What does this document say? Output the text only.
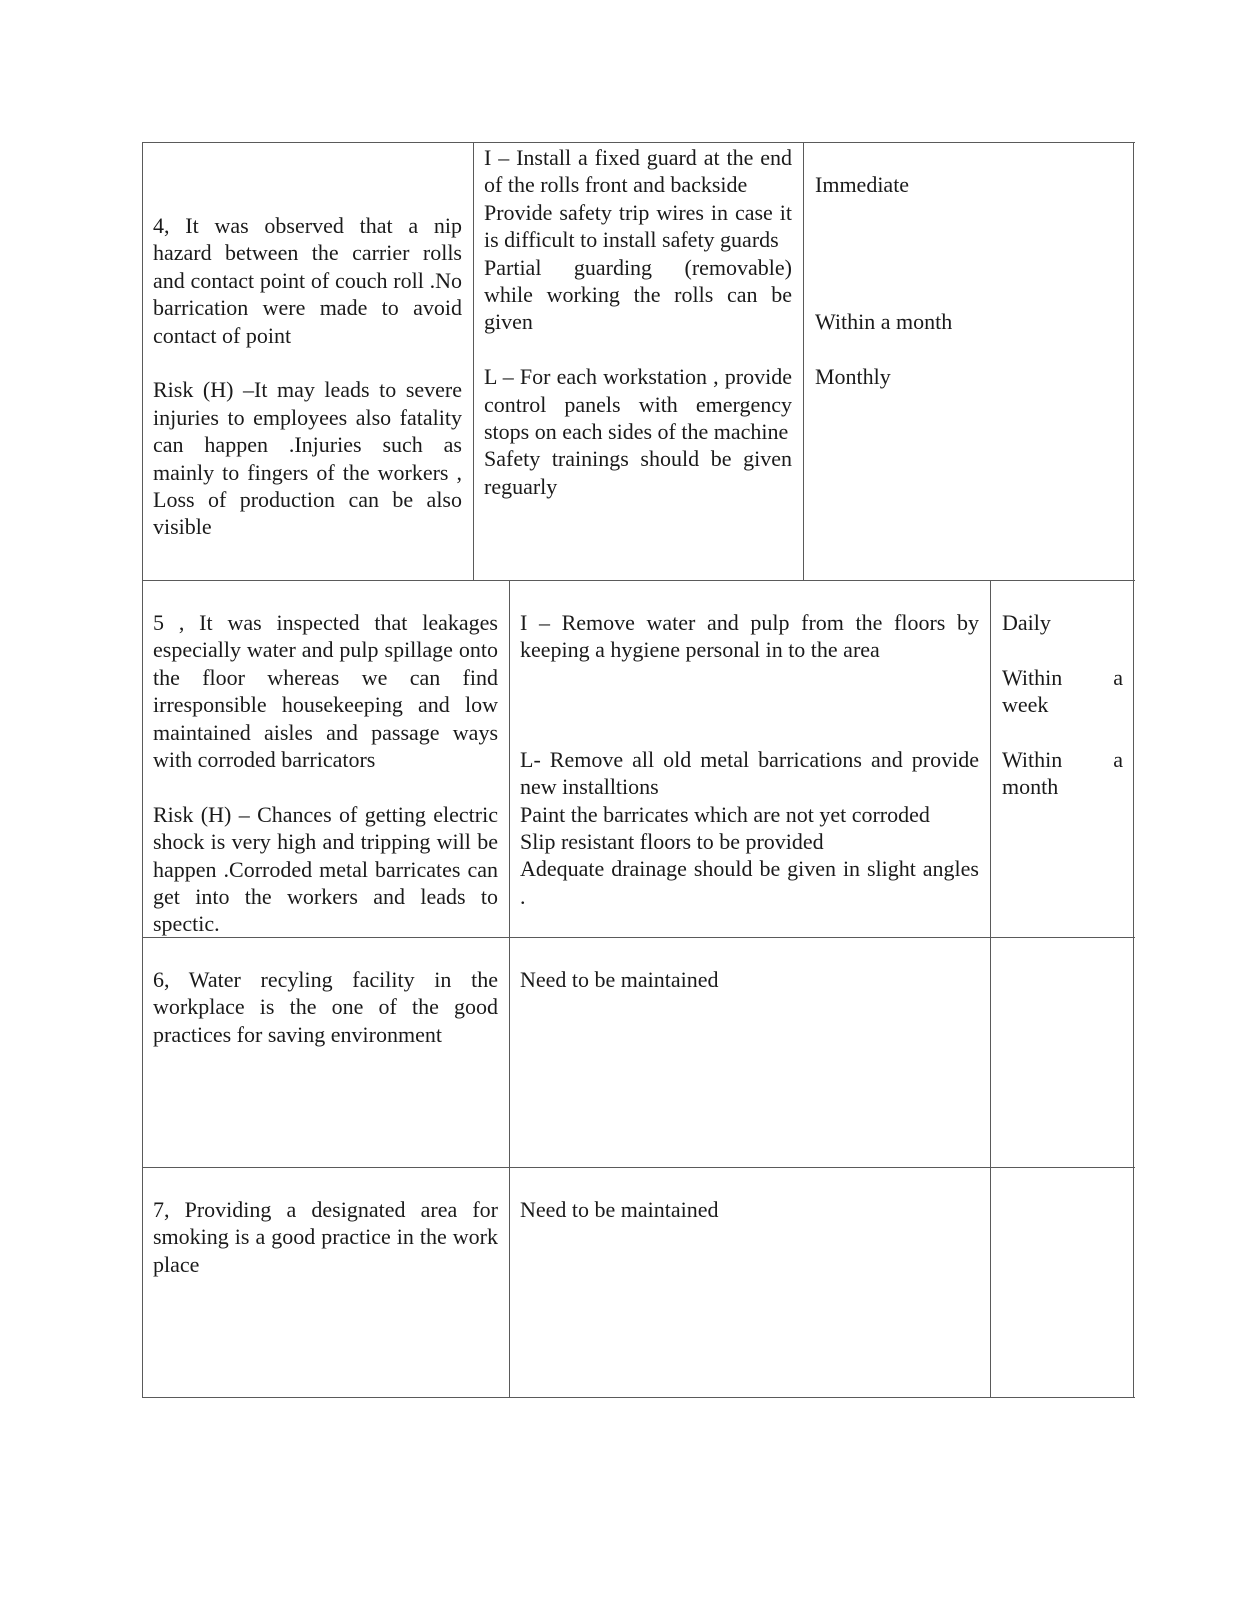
4, It was observed that a nip hazard between the carrier rolls and contact point of couch roll .No barrication were made to avoid contact of point

Risk (H) –It may leads to severe injuries to employees also fatality can happen .Injuries such as mainly to fingers of the workers , Loss of production can be also visible

I – Install a fixed guard at the end of the rolls front and backside

Provide safety trip wires in case it is difficult to install safety guards

Partial guarding (removable) while working the rolls can be given

L – For each workstation , provide control panels with emergency stops on each sides of the machine

Safety trainings should be given reguarly

Immediate

Within a month

Monthly

5 , It was inspected that leakages especially water and pulp spillage onto the floor whereas we can find irresponsible housekeeping and low maintained aisles and passage ways with corroded barricators

Risk (H) – Chances of getting electric shock is very high and tripping will be happen .Corroded metal barricates can get into the workers and leads to spectic.

I – Remove water and pulp from the floors by keeping a hygiene personal in to the area

L- Remove all old metal barrications and provide new installtions

Paint the barricates which are not yet corroded

Slip resistant floors to be provided

Adequate drainage should be given in slight angles .

Daily

Within a week

Within a month

6, Water recyling facility in the workplace is the one of the good practices for saving environment

Need to be maintained

7, Providing a designated area for smoking is a good practice in the work place

Need to be maintained
